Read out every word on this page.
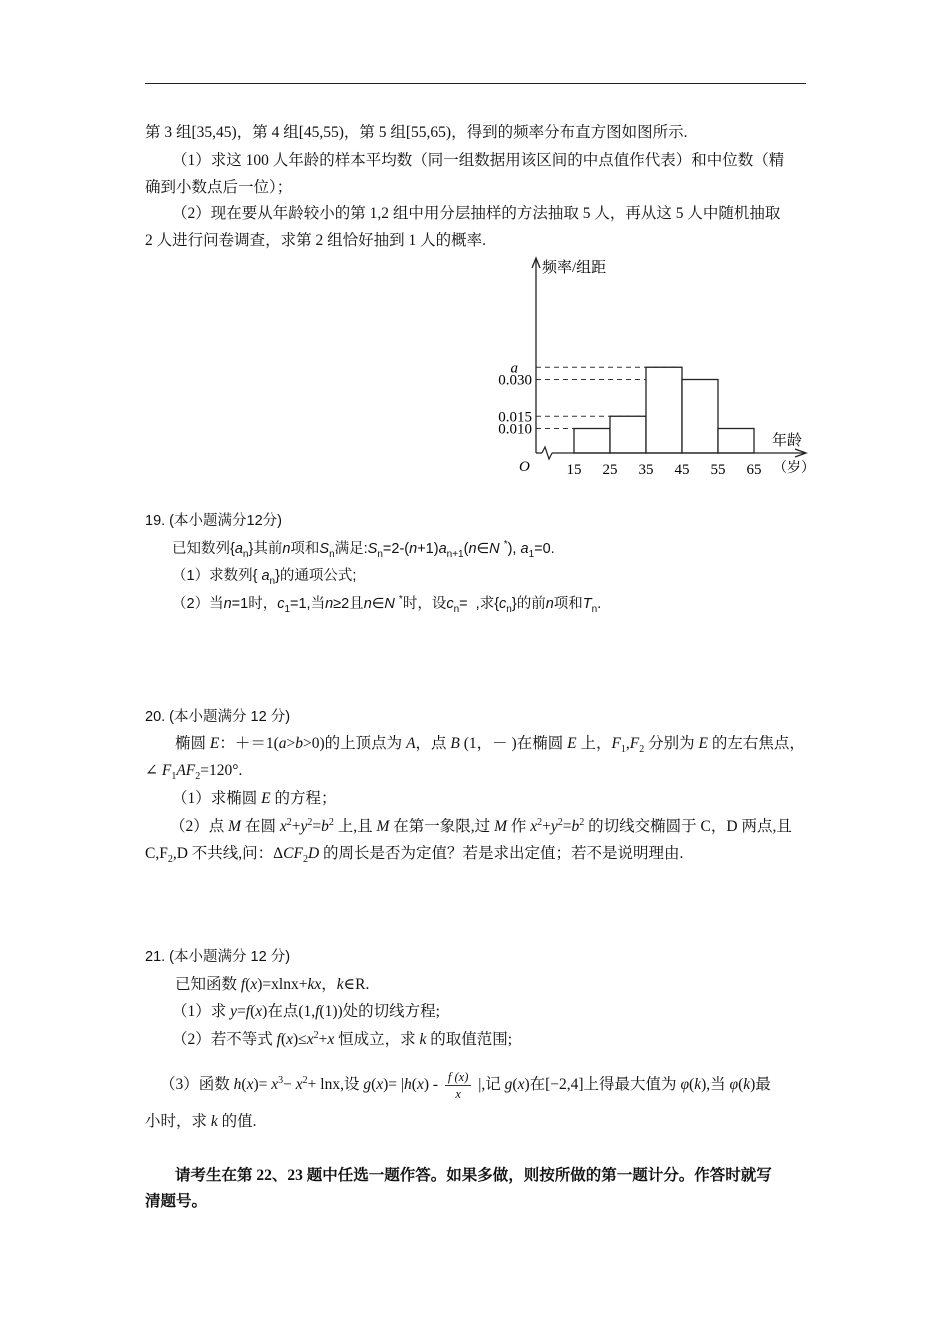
第 3 组[35,45)，第 4 组[45,55)，第 5 组[55,65)，得到的频率分布直方图如图所示.
（1）求这 100 人年龄的样本平均数（同一组数据用该区间的中点值作代表）和中位数（精
确到小数点后一位）；
（2）现在要从年龄较小的第 1,2 组中用分层抽样的方法抽取 5 人，再从这 5 人中随机抽取
2 人进行问卷调查，求第 2 组恰好抽到 1 人的概率.
a
0.030
0.015
0.010
频率/组距
年龄
O 15 25 35 45 55 65 （岁）
19. (本小题满分12分)
已知数列$\{a_n\}$其前n项和$S_n$满足$:S_n=2-(n+1)a_{n+1}(n\in N$ *), $a_1=0$.
（1）求数列{ $a_n$}的通项公式;
（2）当n=1时，$c_1=1$,当n≥2且n∈N *时，设$c_n=$  ,求$\{c_n\}$的前n项和$T_n$.
20. (本小题满分 12 分)
椭圆 E：＋＝1(a>b>0)的上顶点为 A，点 B (1，－ )在椭圆 E 上，$F_1,F_2$ 分别为 E 的左右焦点，
∠ $F_1AF_2=120^\circ$.
（1）求椭圆 E 的方程；
（2）点 M 在圆 $x^2+y^2=b^2$ 上,且 M 在第一象限,过 M 作 $x^2+y^2=b^2$ 的切线交椭圆于 C，D 两点,且
$C,F_2,D$ 不共线,问：$\Delta CF_2D$ 的周长是否为定值？若是求出定值；若不是说明理由.
21. (本小题满分 12 分)
已知函数 f(x)=xlnx+kx，k∈R.
（1）求 y=f(x)在点(1,f(1))处的切线方程;
（2）若不等式 $f(x)\le x^2+x$ 恒成立，求 k 的取值范围;
（3）函数 $h(x)= x^3- x^2+ \ln x$,设 $g(x)= |h(x) - \frac{f (x)}{x}$ |,记 g(x)在[−2,4]上得最大值为 φ(k),当 φ(k)最
小时，求 k 的值.
请考生在第 22、23 题中任选一题作答。如果多做，则按所做的第一题计分。作答时就写
清题号。
